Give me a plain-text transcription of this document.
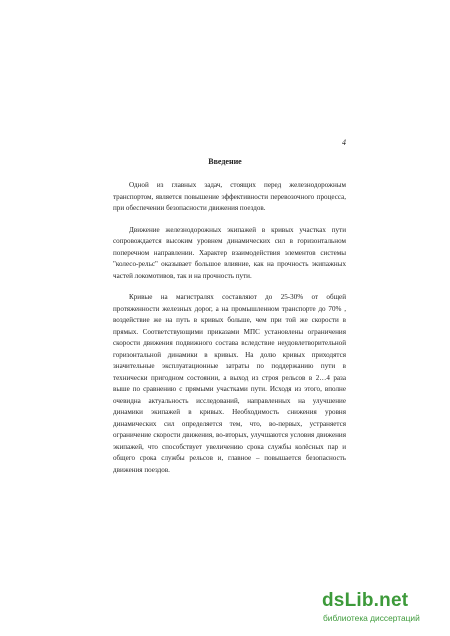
4
Введение

Одной из главных задач, стоящих перед железнодорожным транспортом, является повышение эффективности перевозочного процесса, при обеспечении безопасности движения поездов.

Движение железнодорожных экипажей в кривых участках пути сопровождается высоким уровнем динамических сил в горизонтальном поперечном направлении. Характер взаимодействия элементов системы "колесо-рельс" оказывает большое влияние, как на прочность экипажных частей локомотивов, так и на прочность пути.

Кривые на магистралях составляют до 25-30% от общей протяженности железных дорог, а на промышленном транспорте до 70% , воздействие же на путь в кривых больше, чем при той же скорости в прямых. Соответствующими приказами МПС установлены ограничения скорости движения подвижного состава вследствие неудовлетворительной горизонтальной динамики в кривых. На долю кривых приходятся значительные эксплуатационные затраты по поддержанию пути в технически пригодном состоянии, а выход из строя рельсов в 2…4 раза выше по сравнению с прямыми участками пути. Исходя из этого, вполне очевидна актуальность исследований, направленных на улучшение динамики экипажей в кривых. Необходимость снижения уровня динамических сил определяется тем, что, во-первых, устраняется ограничение скорости движения, во-вторых, улучшаются условия движения экипажей, что способствует увеличению срока службы колёсных пар и общего срока службы рельсов и, главное – повышается безопасность движения поездов.

dsLib.net
библиотека диссертаций
